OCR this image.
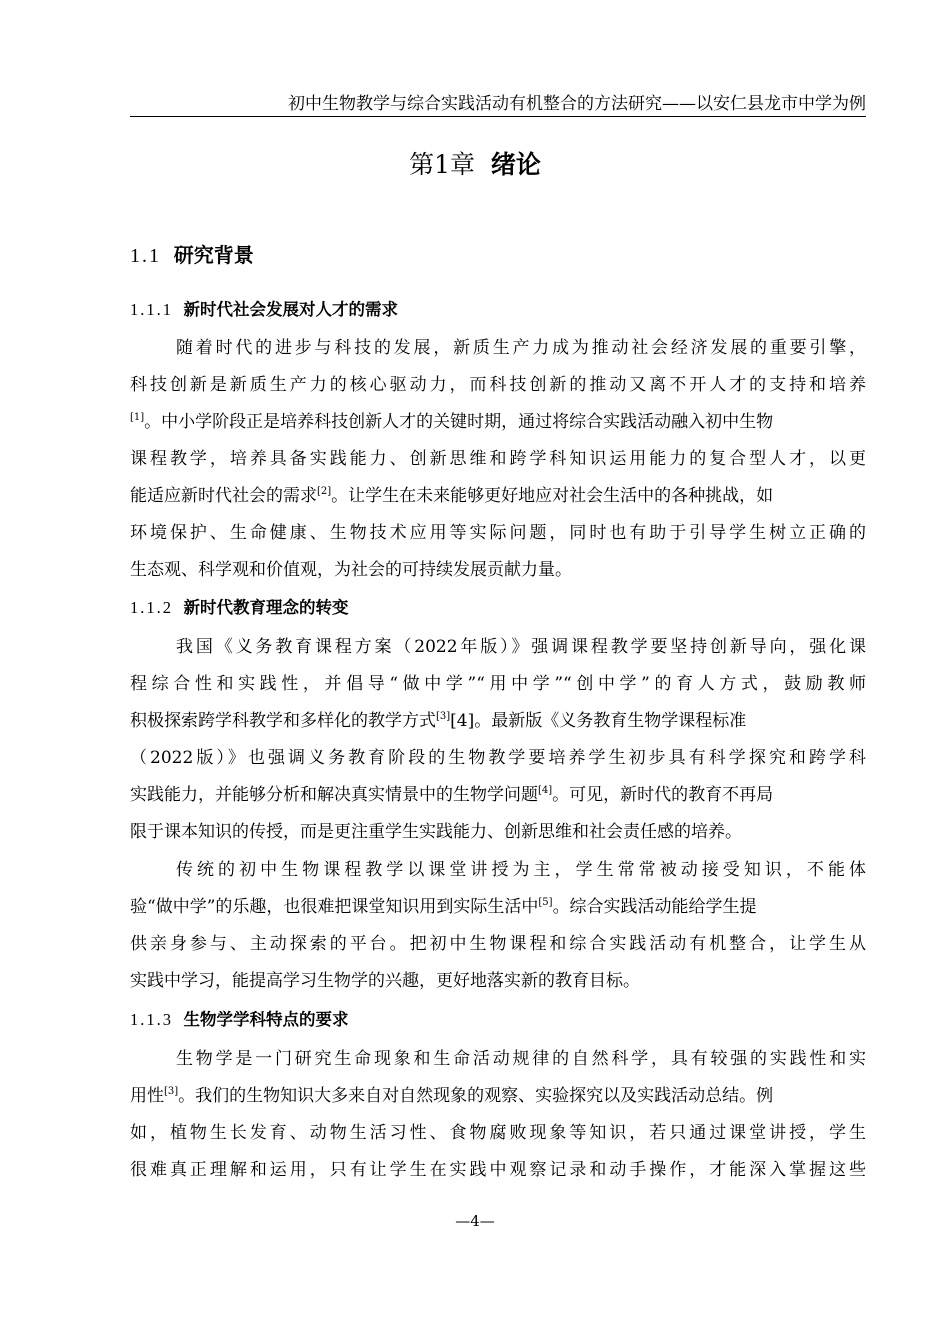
初中生物教学与综合实践活动有机整合的方法研究——以安仁县龙市中学为例
第1章 绪论
1.1 研究背景
1.1.1 新时代社会发展对人才的需求
随着时代的进步与科技的发展，新质生产力成为推动社会经济发展的重要引擎，
科技创新是新质生产力的核心驱动力，而科技创新的推动又离不开人才的支持和培养
[1]。中小学阶段正是培养科技创新人才的关键时期，通过将综合实践活动融入初中生物
课程教学，培养具备实践能力、创新思维和跨学科知识运用能力的复合型人才，以更
能适应新时代社会的需求[2]。让学生在未来能够更好地应对社会生活中的各种挑战，如
环境保护、生命健康、生物技术应用等实际问题，同时也有助于引导学生树立正确的
生态观、科学观和价值观，为社会的可持续发展贡献力量。
1.1.2 新时代教育理念的转变
我国《义务教育课程方案（2022年版）》强调课程教学要坚持创新导向，强化课
程综合性和实践性，并倡导“做中学”“用中学”“创中学”的育人方式，鼓励教师
积极探索跨学科教学和多样化的教学方式[3][4]。最新版《义务教育生物学课程标准
（2022版）》也强调义务教育阶段的生物教学要培养学生初步具有科学探究和跨学科
实践能力，并能够分析和解决真实情景中的生物学问题[4]。可见，新时代的教育不再局
限于课本知识的传授，而是更注重学生实践能力、创新思维和社会责任感的培养。
传统的初中生物课程教学以课堂讲授为主，学生常常被动接受知识，不能体
验“做中学”的乐趣，也很难把课堂知识用到实际生活中[5]。综合实践活动能给学生提
供亲身参与、主动探索的平台。把初中生物课程和综合实践活动有机整合，让学生从
实践中学习，能提高学习生物学的兴趣，更好地落实新的教育目标。
1.1.3 生物学学科特点的要求
生物学是一门研究生命现象和生命活动规律的自然科学，具有较强的实践性和实
用性[3]。我们的生物知识大多来自对自然现象的观察、实验探究以及实践活动总结。例
如，植物生长发育、动物生活习性、食物腐败现象等知识，若只通过课堂讲授，学生
很难真正理解和运用，只有让学生在实践中观察记录和动手操作，才能深入掌握这些
—4—
